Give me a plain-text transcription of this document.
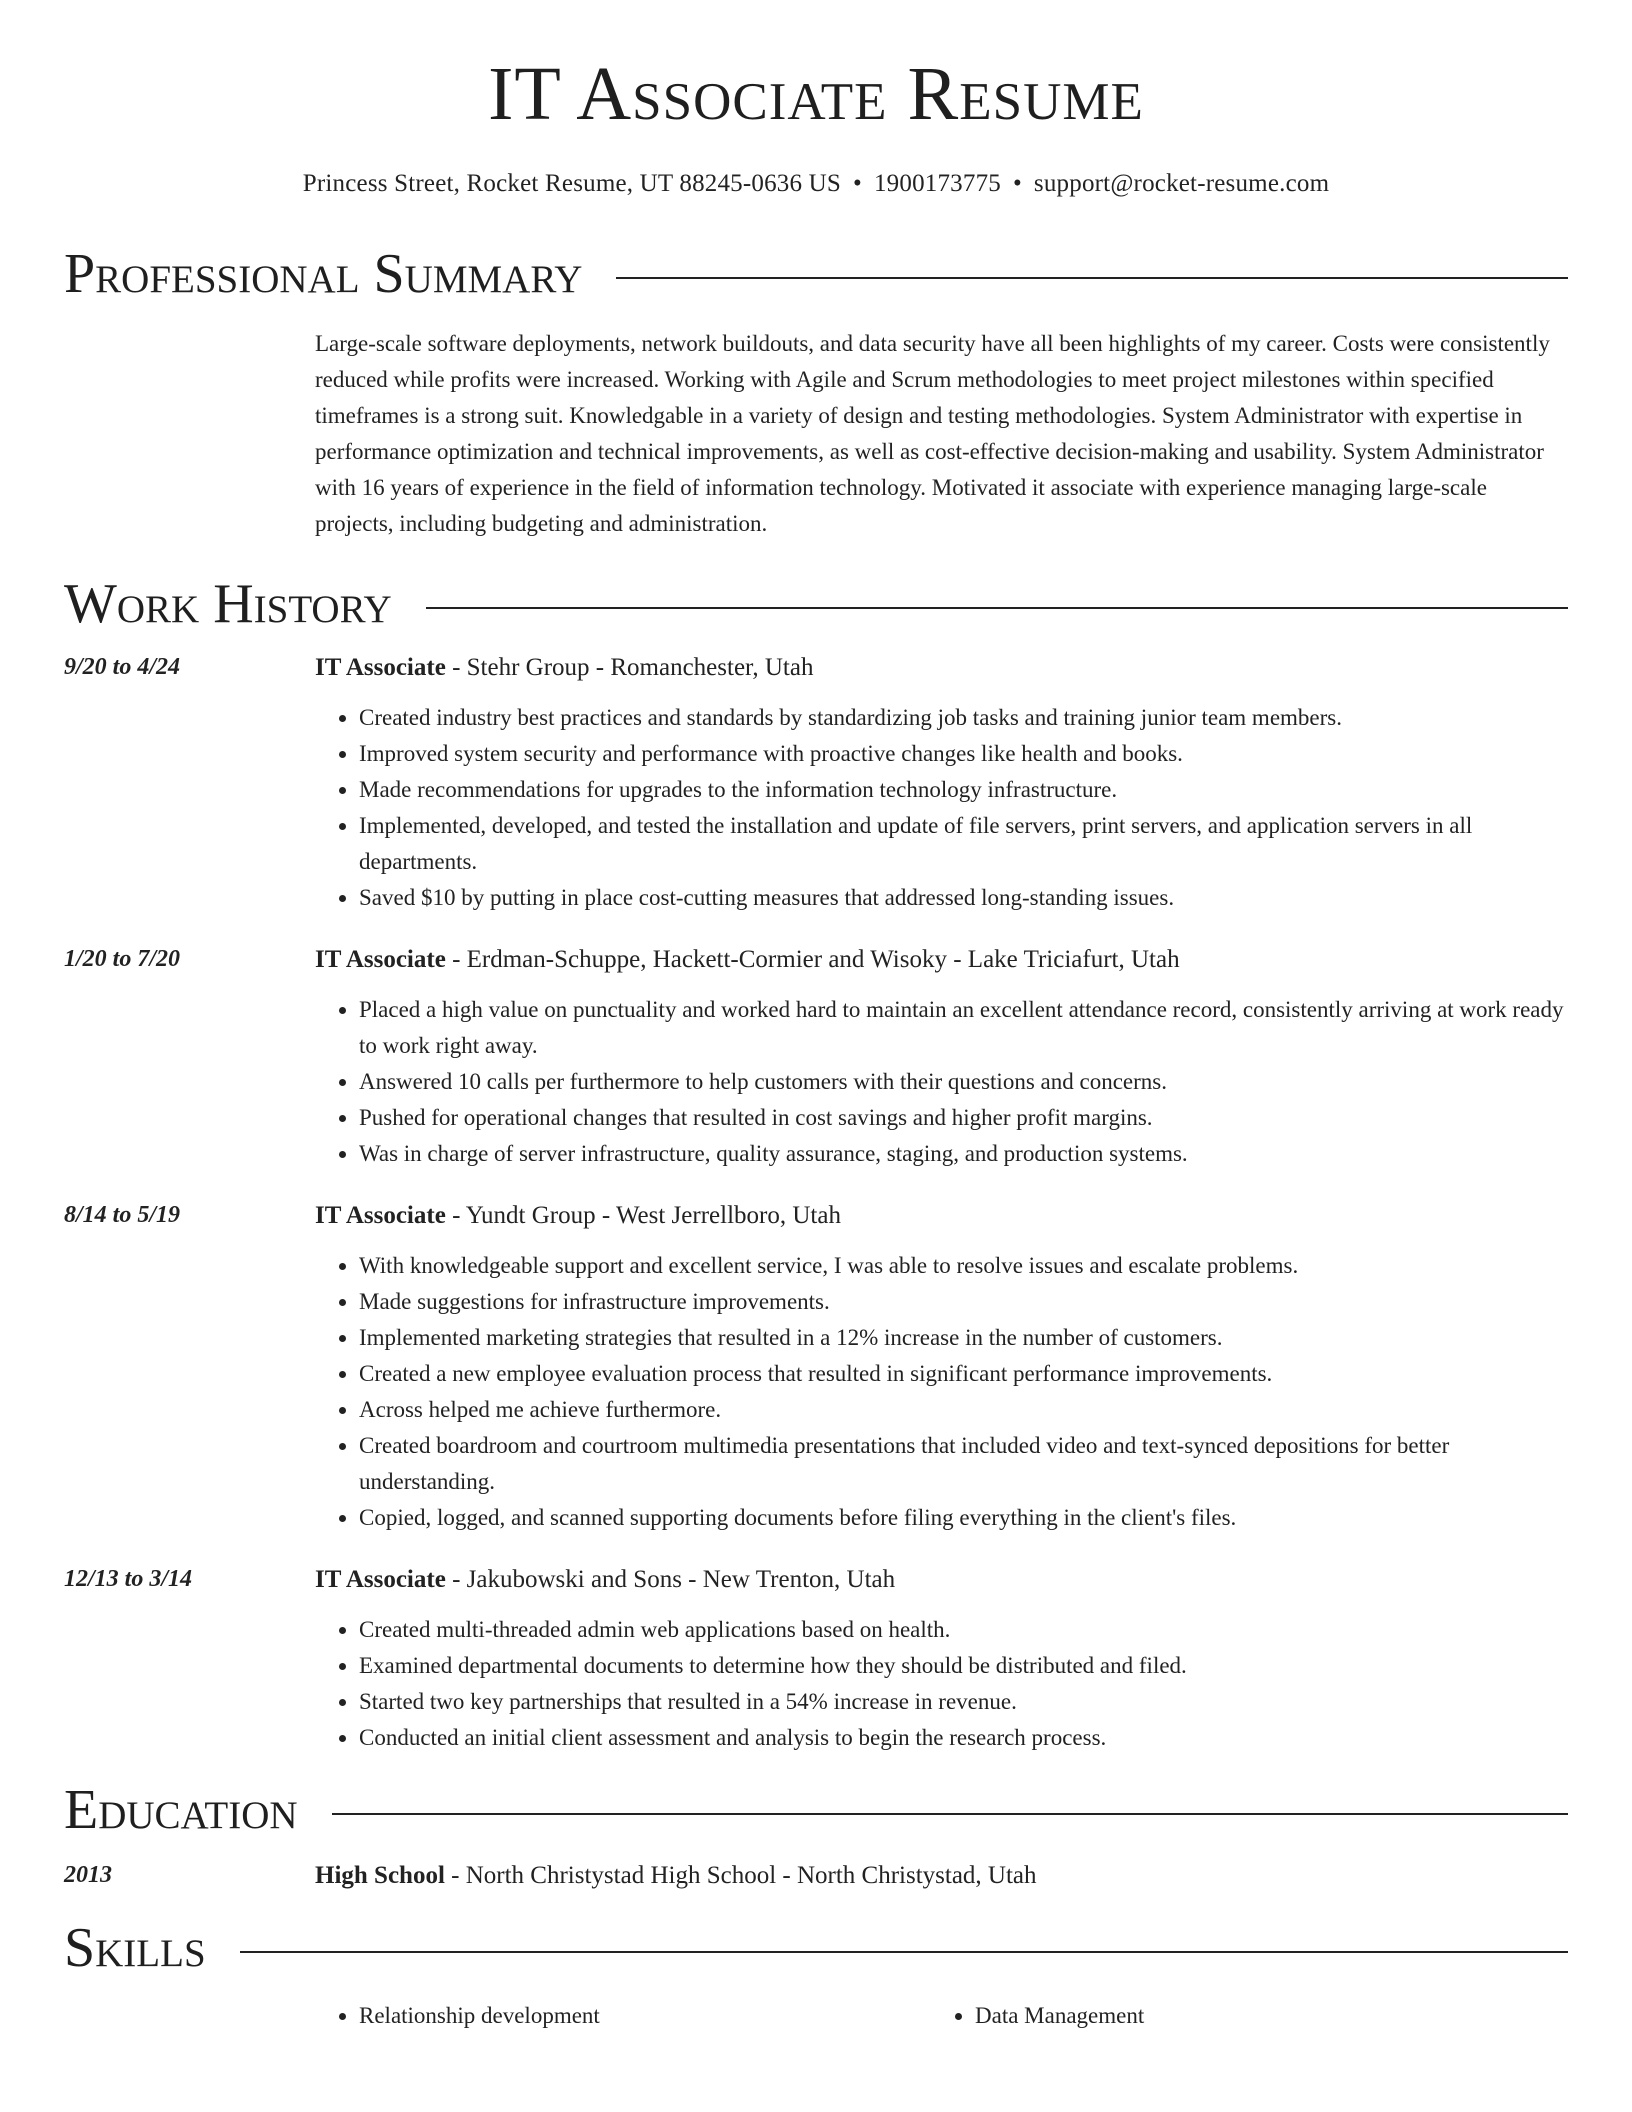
IT Associate Resume
Princess Street, Rocket Resume, UT 88245-0636 US • 1900173775 • support@rocket-resume.com
Professional Summary
Large-scale software deployments, network buildouts, and data security have all been highlights of my career. Costs were consistently reduced while profits were increased. Working with Agile and Scrum methodologies to meet project milestones within specified timeframes is a strong suit. Knowledgable in a variety of design and testing methodologies. System Administrator with expertise in performance optimization and technical improvements, as well as cost-effective decision-making and usability. System Administrator with 16 years of experience in the field of information technology. Motivated it associate with experience managing large-scale projects, including budgeting and administration.
Work History
9/20 to 4/24	IT Associate - Stehr Group - Romanchester, Utah
• Created industry best practices and standards by standardizing job tasks and training junior team members.
• Improved system security and performance with proactive changes like health and books.
• Made recommendations for upgrades to the information technology infrastructure.
• Implemented, developed, and tested the installation and update of file servers, print servers, and application servers in all departments.
• Saved $10 by putting in place cost-cutting measures that addressed long-standing issues.
1/20 to 7/20	IT Associate - Erdman-Schuppe, Hackett-Cormier and Wisoky - Lake Triciafurt, Utah
• Placed a high value on punctuality and worked hard to maintain an excellent attendance record, consistently arriving at work ready to work right away.
• Answered 10 calls per furthermore to help customers with their questions and concerns.
• Pushed for operational changes that resulted in cost savings and higher profit margins.
• Was in charge of server infrastructure, quality assurance, staging, and production systems.
8/14 to 5/19	IT Associate - Yundt Group - West Jerrellboro, Utah
• With knowledgeable support and excellent service, I was able to resolve issues and escalate problems.
• Made suggestions for infrastructure improvements.
• Implemented marketing strategies that resulted in a 12% increase in the number of customers.
• Created a new employee evaluation process that resulted in significant performance improvements.
• Across helped me achieve furthermore.
• Created boardroom and courtroom multimedia presentations that included video and text-synced depositions for better understanding.
• Copied, logged, and scanned supporting documents before filing everything in the client's files.
12/13 to 3/14	IT Associate - Jakubowski and Sons - New Trenton, Utah
• Created multi-threaded admin web applications based on health.
• Examined departmental documents to determine how they should be distributed and filed.
• Started two key partnerships that resulted in a 54% increase in revenue.
• Conducted an initial client assessment and analysis to begin the research process.
Education
2013	High School - North Christystad High School - North Christystad, Utah
Skills
• Relationship development
•	Data Management
